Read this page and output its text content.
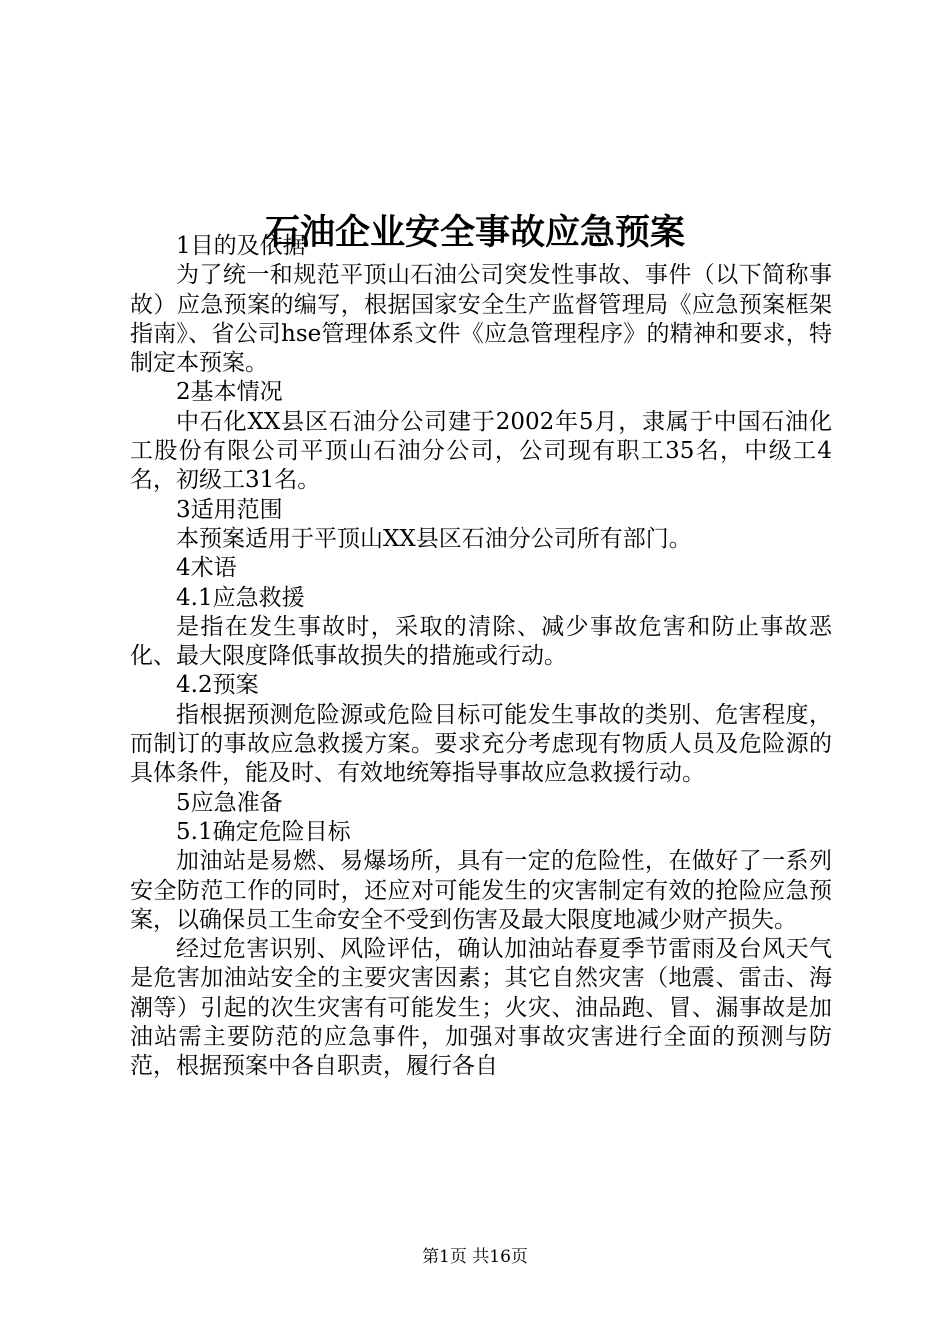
石油企业安全事故应急预案

1目的及依据

为了统一和规范平顶山石油公司突发性事故、事件（以下简称事故）应急预案的编写，根据国家安全生产监督管理局《应急预案框架指南》、省公司hse管理体系文件《应急管理程序》的精神和要求，特制定本预案。

2基本情况

中石化XX县区石油分公司建于2002年5月，隶属于中国石油化工股份有限公司平顶山石油分公司，公司现有职工35名，中级工4名，初级工31名。

3适用范围

本预案适用于平顶山XX县区石油分公司所有部门。

4术语

4.1应急救援

是指在发生事故时，采取的清除、减少事故危害和防止事故恶化、最大限度降低事故损失的措施或行动。

4.2预案

指根据预测危险源或危险目标可能发生事故的类别、危害程度，而制订的事故应急救援方案。要求充分考虑现有物质人员及危险源的具体条件，能及时、有效地统筹指导事故应急救援行动。

5应急准备

5.1确定危险目标

加油站是易燃、易爆场所，具有一定的危险性，在做好了一系列安全防范工作的同时，还应对可能发生的灾害制定有效的抢险应急预案，以确保员工生命安全不受到伤害及最大限度地减少财产损失。

经过危害识别、风险评估，确认加油站春夏季节雷雨及台风天气是危害加油站安全的主要灾害因素；其它自然灾害（地震、雷击、海潮等）引起的次生灾害有可能发生；火灾、油品跑、冒、漏事故是加油站需主要防范的应急事件，加强对事故灾害进行全面的预测与防范，根据预案中各自职责，履行各自

第1页 共16页
